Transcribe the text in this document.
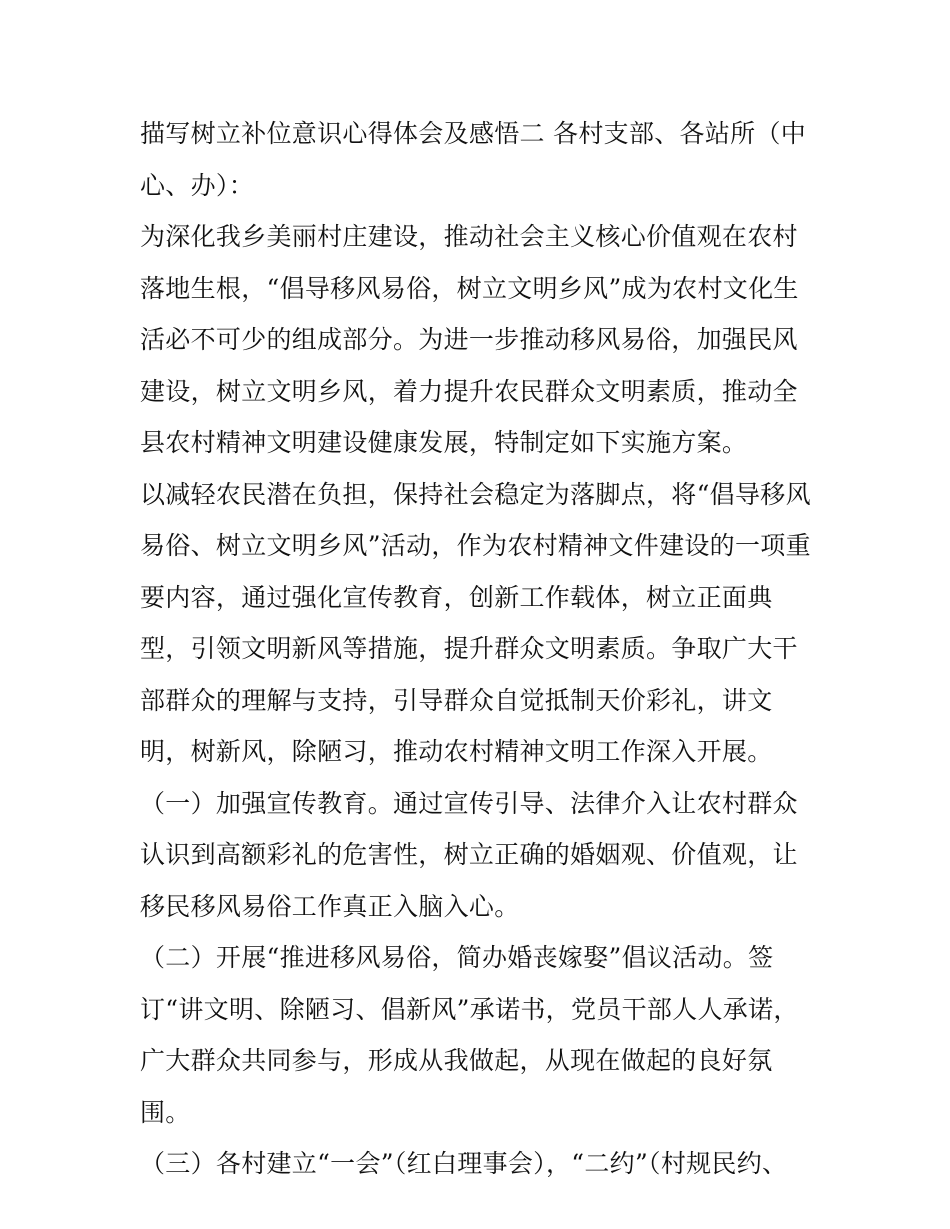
描写树立补位意识心得体会及感悟二 各村支部、各站所（中心、办）：

为深化我乡美丽村庄建设，推动社会主义核心价值观在农村落地生根，“倡导移风易俗，树立文明乡风”成为农村文化生活必不可少的组成部分。为进一步推动移风易俗，加强民风建设，树立文明乡风，着力提升农民群众文明素质，推动全县农村精神文明建设健康发展，特制定如下实施方案。

以减轻农民潜在负担，保持社会稳定为落脚点，将“倡导移风易俗、树立文明乡风”活动，作为农村精神文件建设的一项重要内容，通过强化宣传教育，创新工作载体，树立正面典型，引领文明新风等措施，提升群众文明素质。争取广大干部群众的理解与支持，引导群众自觉抵制天价彩礼，讲文明，树新风，除陋习，推动农村精神文明工作深入开展。

（一）加强宣传教育。通过宣传引导、法律介入让农村群众认识到高额彩礼的危害性，树立正确的婚姻观、价值观，让移民移风易俗工作真正入脑入心。

（二）开展“推进移风易俗，简办婚丧嫁娶”倡议活动。签订“讲文明、除陋习、倡新风”承诺书，党员干部人人承诺，广大群众共同参与，形成从我做起，从现在做起的良好氛围。

（三）各村建立“一会”（红白理事会），“二约”（村规民约、
